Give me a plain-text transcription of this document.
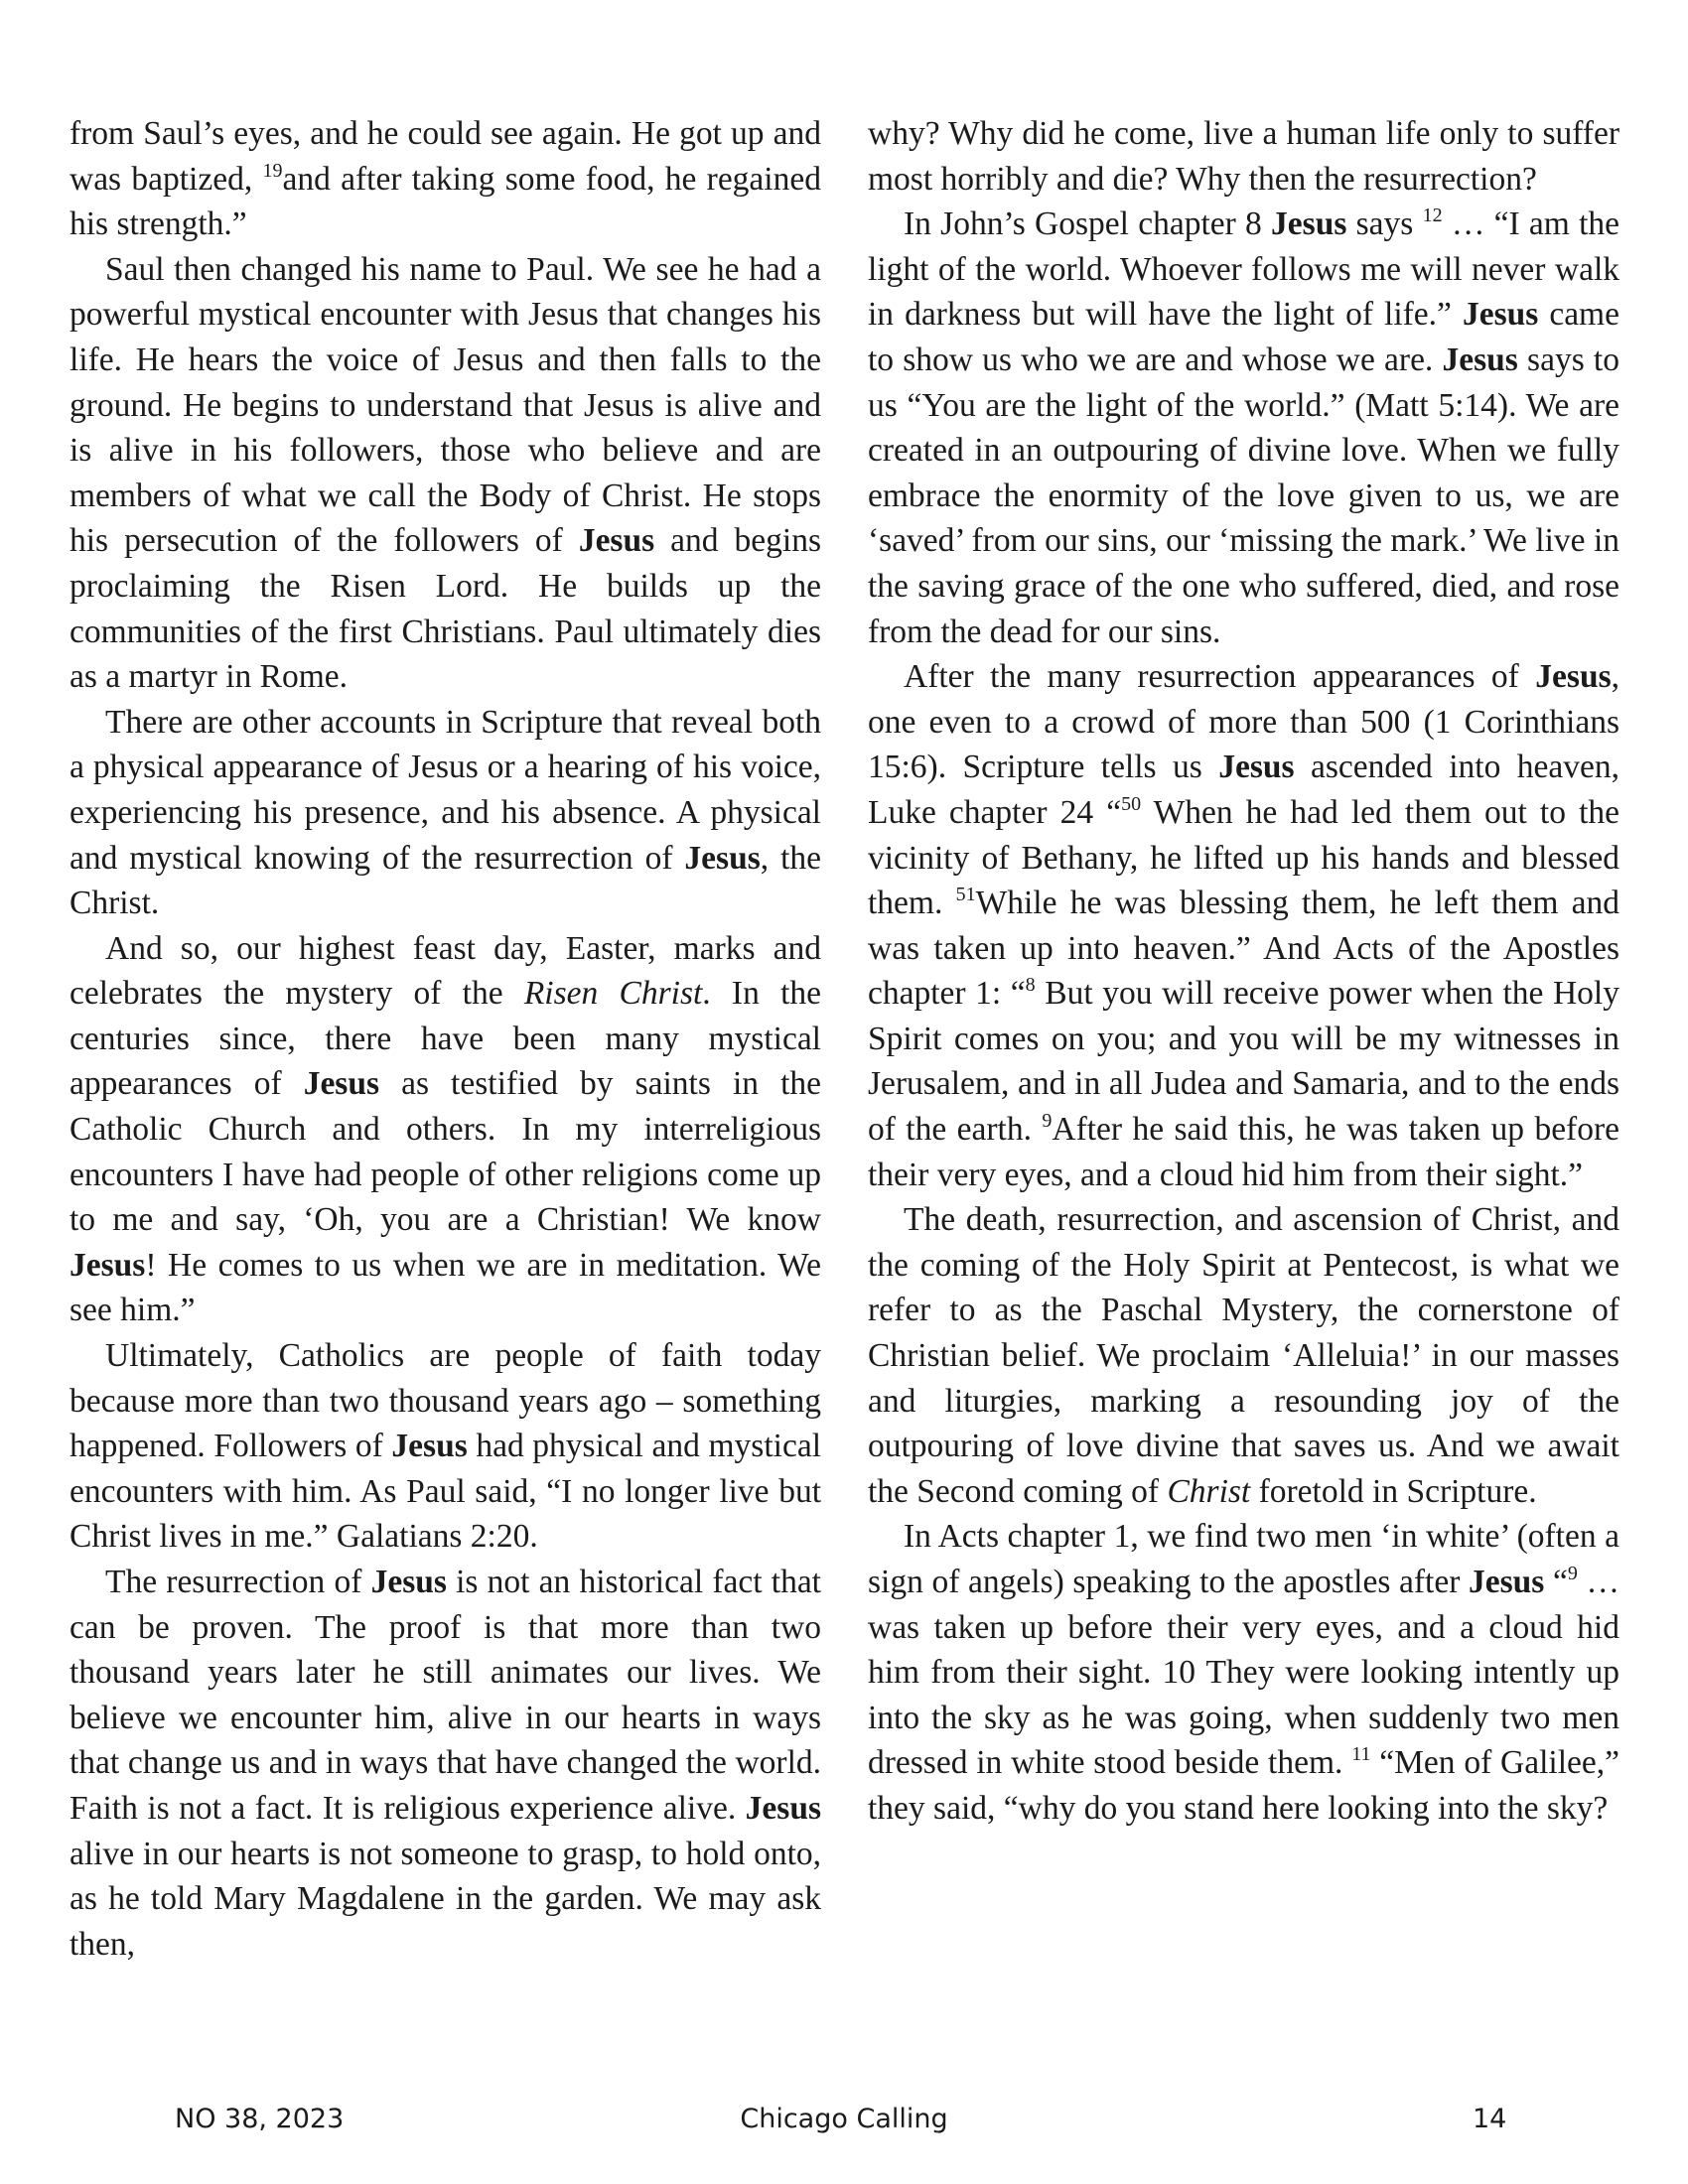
from Saul’s eyes, and he could see again. He got up and was baptized, $^{19}$and after taking some food, he regained his strength.”

Saul then changed his name to Paul. We see he had a powerful mystical encounter with Jesus that changes his life. He hears the voice of Jesus and then falls to the ground. He begins to understand that Jesus is alive and is alive in his followers, those who believe and are members of what we call the Body of Christ. He stops his persecution of the followers of Jesus and begins proclaiming the Risen Lord. He builds up the communities of the first Christians. Paul ultimately dies as a martyr in Rome.

There are other accounts in Scripture that reveal both a physical appearance of Jesus or a hearing of his voice, experiencing his presence, and his absence. A physical and mystical knowing of the resurrection of Jesus, the Christ.

And so, our highest feast day, Easter, marks and celebrates the mystery of the Risen Christ. In the centuries since, there have been many mystical appearances of Jesus as testified by saints in the Catholic Church and others. In my interreligious encounters I have had people of other religions come up to me and say, ‘Oh, you are a Christian! We know Jesus! He comes to us when we are in meditation. We see him.”

Ultimately, Catholics are people of faith today because more than two thousand years ago – something happened. Followers of Jesus had physical and mystical encounters with him. As Paul said, “I no longer live but Christ lives in me.” Galatians 2:20.

The resurrection of Jesus is not an historical fact that can be proven. The proof is that more than two thousand years later he still animates our lives. We believe we encounter him, alive in our hearts in ways that change us and in ways that have changed the world. Faith is not a fact. It is religious experience alive. Jesus alive in our hearts is not someone to grasp, to hold onto, as he told Mary Magdalene in the garden. We may ask then,

why? Why did he come, live a human life only to suffer most horribly and die? Why then the resurrection?

In John’s Gospel chapter 8 Jesus says $^{12}$ … “I am the light of the world. Whoever follows me will never walk in darkness but will have the light of life.” Jesus came to show us who we are and whose we are. Jesus says to us “You are the light of the world.” (Matt 5:14). We are created in an outpouring of divine love. When we fully embrace the enormity of the love given to us, we are ‘saved’ from our sins, our ‘missing the mark.’ We live in the saving grace of the one who suffered, died, and rose from the dead for our sins.

After the many resurrection appearances of Jesus, one even to a crowd of more than 500 (1 Corinthians 15:6). Scripture tells us Jesus ascended into heaven, Luke chapter 24 “$^{50}$ When he had led them out to the vicinity of Bethany, he lifted up his hands and blessed them. $^{51}$While he was blessing them, he left them and was taken up into heaven.” And Acts of the Apostles chapter 1: “$^8$ But you will receive power when the Holy Spirit comes on you; and you will be my witnesses in Jerusalem, and in all Judea and Samaria, and to the ends of the earth. $^9$After he said this, he was taken up before their very eyes, and a cloud hid him from their sight.”

The death, resurrection, and ascension of Christ, and the coming of the Holy Spirit at Pentecost, is what we refer to as the Paschal Mystery, the cornerstone of Christian belief. We proclaim ‘Alleluia!’ in our masses and liturgies, marking a resounding joy of the outpouring of love divine that saves us. And we await the Second coming of Christ foretold in Scripture.

In Acts chapter 1, we find two men ‘in white’ (often a sign of angels) speaking to the apostles after Jesus “$^9$ … was taken up before their very eyes, and a cloud hid him from their sight. 10 They were looking intently up into the sky as he was going, when suddenly two men dressed in white stood beside them. $^{11}$ “Men of Galilee,” they said, “why do you stand here looking into the sky?

NO 38, 2023	Chicago Calling	14
